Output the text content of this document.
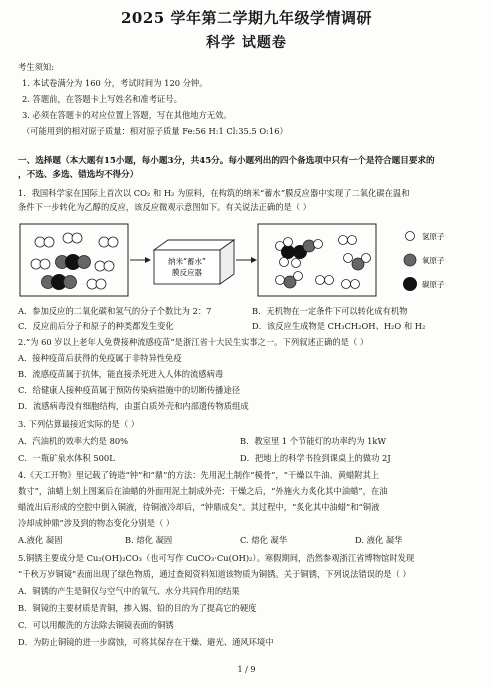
2025 学年第二学期九年级学情调研
科学 试题卷
考生须知:
1. 本试卷满分为 160 分，考试时间为 120 分钟。
2. 答题前，在答题卡上写姓名和准考证号。
3. 必须在答题卡的对应位置上答题，写在其他地方无效。
（可能用到的相对原子质量：相对原子质量 Fe:56 H:1 Cl:35.5 O:16）
一、选择题（本大题有15小题，每小题3分，共45分。每小题列出的四个备选项中只有一个是符合题目要求的
，不选、多选、错选均不得分）
1．我国科学家在国际上首次以 CO₂ 和 H₂ 为原料，在构筑的纳米“蓄水”膜反应器中实现了二氧化碳在温和
条件下一步转化为乙醇的反应，该反应微观示意图如下。有关说法正确的是（ ）
纳米“蓄水”
膜反应器
氢原子
氧原子
碳原子
A．参加反应的二氧化碳和氢气的分子个数比为 2：7	B．无机物在一定条件下可以转化成有机物
C．反应前后分子和原子的种类都发生变化	D．该反应生成物是 CH₃CH₂OH、H₂O 和 H₂
2.“为 60 岁以上老年人免费接种流感疫苗”是浙江省十大民生实事之一。下列叙述正确的是（ ）
A．接种疫苗后获得的免疫属于非特异性免疫
B．流感疫苗属于抗体，能直接杀死进入人体的流感病毒
C．给健康人接种疫苗属于预防传染病措施中的切断传播途径
D．流感病毒没有细胞结构，由蛋白质外壳和内部遗传物质组成
3. 下列估算最接近实际的是（ ）
A．汽油机的效率大约是 80%	B．教室里 1 个节能灯的功率约为 1kW
C．一瓶矿泉水体积 500L	D．把地上的科学书捡到课桌上的做功 2J
4.《天工开物》里记载了铸造“钟”和“鼎”的方法：先用泥土制作“模骨”，“干燥以牛油、黄蜡附其上
数寸”，油蜡上刻上图案后在油蜡的外面用泥土制成外壳：干燥之后，“外施火力炙化其中油蜡”，在油
蜡流出后形成的空腔中倒入铜液，待铜液冷却后，“钟鼎成矣”。其过程中，“炙化其中油蜡”和“铜液
冷却成钟鼎”涉及到的物态变化分别是（ ）
A.液化 凝固	B. 熔化 凝固	C. 熔化 凝华	D. 液化 凝华
5.铜锈主要成分是 Cu₂(OH)₂CO₃（也可写作 CuCO₃·Cu(OH)₂）。寒假期间，浩然参观浙江省博物馆时发现
“千秋万岁铜镜”表面出现了绿色物质，通过查阅资料知道该物质为铜锈。关于铜锈，下列说法错误的是（ ）
A．铜锈的产生是铜仅与空气中的氧气、水分共同作用的结果
B．铜镜的主要材质是青铜，掺入锡、铅的目的为了提高它的硬度
C．可以用酸洗的方法除去铜镜表面的铜锈
D．为防止铜镜的进一步腐蚀，可将其保存在干燥、避光、通风环境中
1 / 9
